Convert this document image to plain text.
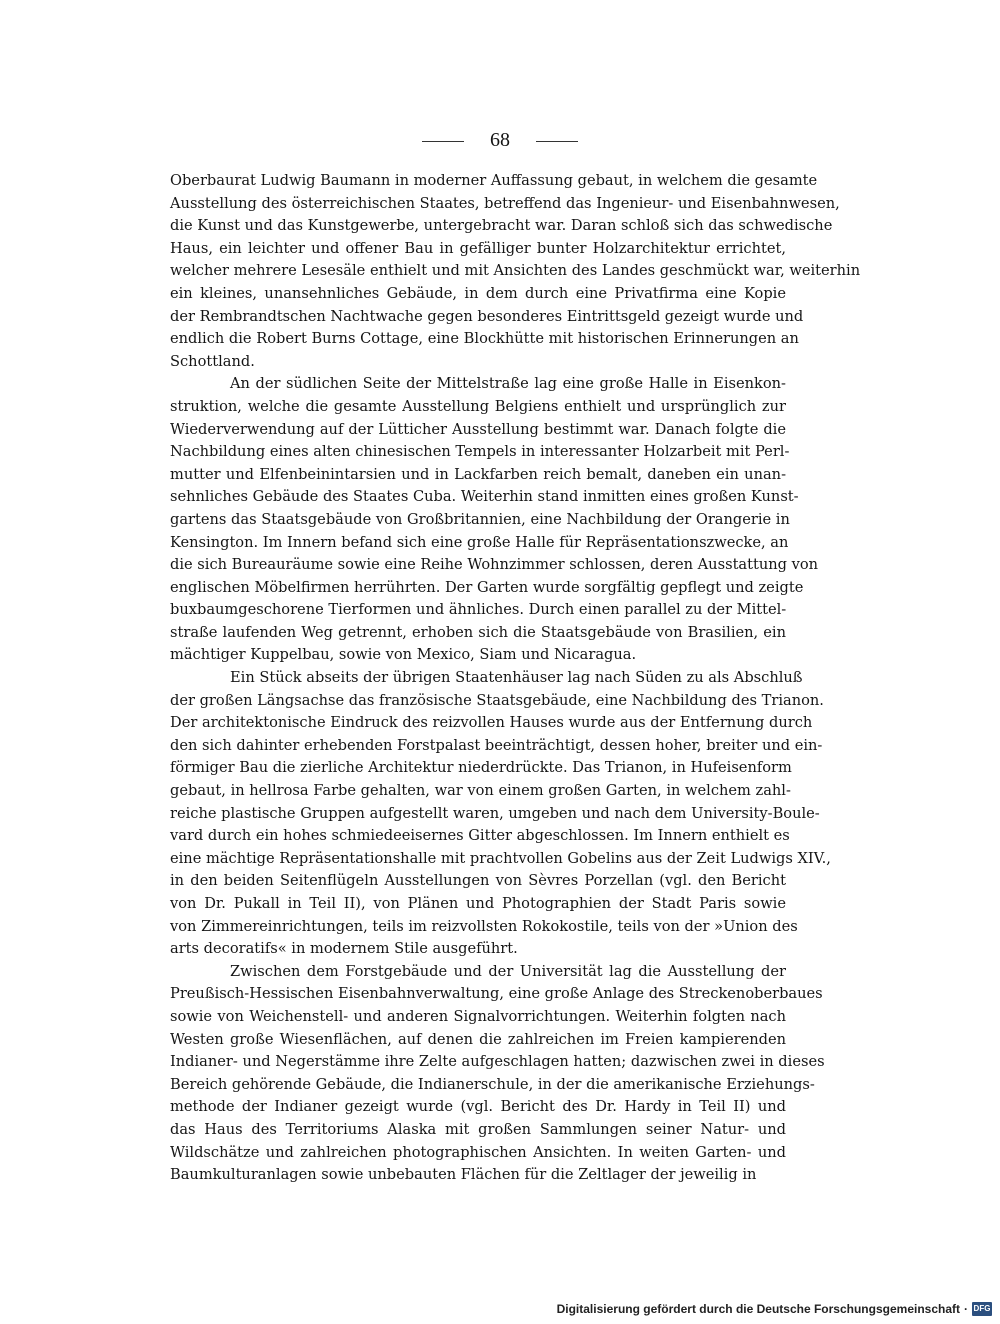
68
Oberbaurat Ludwig Baumann in moderner Auffassung gebaut, in welchem die gesamte
Ausstellung des österreichischen Staates, betreffend das Ingenieur- und Eisenbahnwesen,
die Kunst und das Kunstgewerbe, untergebracht war. Daran schloß sich das schwedische
Haus, ein leichter und offener Bau in gefälliger bunter Holzarchitektur errichtet,
welcher mehrere Lesesäle enthielt und mit Ansichten des Landes geschmückt war, weiterhin
ein kleines, unansehnliches Gebäude, in dem durch eine Privatfirma eine Kopie
der Rembrandtschen Nachtwache gegen besonderes Eintrittsgeld gezeigt wurde und
endlich die Robert Burns Cottage, eine Blockhütte mit historischen Erinnerungen an
Schottland.
An der südlichen Seite der Mittelstraße lag eine große Halle in Eisenkon-
struktion, welche die gesamte Ausstellung Belgiens enthielt und ursprünglich zur
Wiederverwendung auf der Lütticher Ausstellung bestimmt war. Danach folgte die
Nachbildung eines alten chinesischen Tempels in interessanter Holzarbeit mit Perl-
mutter und Elfenbeinintarsien und in Lackfarben reich bemalt, daneben ein unan-
sehnliches Gebäude des Staates Cuba. Weiterhin stand inmitten eines großen Kunst-
gartens das Staatsgebäude von Großbritannien, eine Nachbildung der Orangerie in
Kensington. Im Innern befand sich eine große Halle für Repräsentationszwecke, an
die sich Bureauräume sowie eine Reihe Wohnzimmer schlossen, deren Ausstattung von
englischen Möbelfirmen herrührten. Der Garten wurde sorgfältig gepflegt und zeigte
buxbaumgeschorene Tierformen und ähnliches. Durch einen parallel zu der Mittel-
straße laufenden Weg getrennt, erhoben sich die Staatsgebäude von Brasilien, ein
mächtiger Kuppelbau, sowie von Mexico, Siam und Nicaragua.
Ein Stück abseits der übrigen Staatenhäuser lag nach Süden zu als Abschluß
der großen Längsachse das französische Staatsgebäude, eine Nachbildung des Trianon.
Der architektonische Eindruck des reizvollen Hauses wurde aus der Entfernung durch
den sich dahinter erhebenden Forstpalast beeinträchtigt, dessen hoher, breiter und ein-
förmiger Bau die zierliche Architektur niederdrückte. Das Trianon, in Hufeisenform
gebaut, in hellrosa Farbe gehalten, war von einem großen Garten, in welchem zahl-
reiche plastische Gruppen aufgestellt waren, umgeben und nach dem University-Boule-
vard durch ein hohes schmiedeeisernes Gitter abgeschlossen. Im Innern enthielt es
eine mächtige Repräsentationshalle mit prachtvollen Gobelins aus der Zeit Ludwigs XIV.,
in den beiden Seitenflügeln Ausstellungen von Sèvres Porzellan (vgl. den Bericht
von Dr. Pukall in Teil II), von Plänen und Photographien der Stadt Paris sowie
von Zimmereinrichtungen, teils im reizvollsten Rokokostile, teils von der »Union des
arts decoratifs« in modernem Stile ausgeführt.
Zwischen dem Forstgebäude und der Universität lag die Ausstellung der
Preußisch-Hessischen Eisenbahnverwaltung, eine große Anlage des Streckenoberbaues
sowie von Weichenstell- und anderen Signalvorrichtungen. Weiterhin folgten nach
Westen große Wiesenflächen, auf denen die zahlreichen im Freien kampierenden
Indianer- und Negerstämme ihre Zelte aufgeschlagen hatten; dazwischen zwei in dieses
Bereich gehörende Gebäude, die Indianerschule, in der die amerikanische Erziehungs-
methode der Indianer gezeigt wurde (vgl. Bericht des Dr. Hardy in Teil II) und
das Haus des Territoriums Alaska mit großen Sammlungen seiner Natur- und
Wildschätze und zahlreichen photographischen Ansichten. In weiten Garten- und
Baumkulturanlagen sowie unbebauten Flächen für die Zeltlager der jeweilig in
Digitalisierung gefördert durch die Deutsche Forschungsgemeinschaft · DFG
